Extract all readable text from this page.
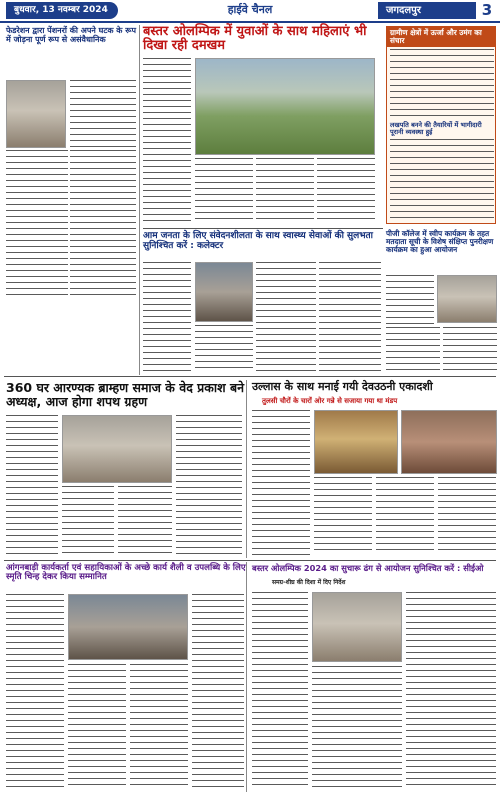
बुधवार, 13 नवम्बर 2024	हाईवे चैनल	जगदलपुर	3
फेडरेशन द्वारा पेंशनरों की अपने घटक के रूप में जोड़ना पूर्ण रूप से असंवैधानिक
बस्तर ओलम्पिक में युवाओं के साथ महिलाएं भी दिखा रही दमखम
ग्रामीण क्षेत्रों में ऊर्जा और उमंग का संचार
लखपति बनने की तैयारियों में भागीदारी पूरानी व्यवस्था हुई
आम जनता के लिए संवेदनशीलता के साथ स्वास्थ्य सेवाओं की सुलभता सुनिश्चित करें : कलेक्टर
पीजी कॉलेज में स्वीप कार्यक्रम के तहत मतदाता सूची के विशेष संक्षिप्त पुनरीक्षण कार्यक्रम का हुआ आयोजन
360 घर आरण्यक ब्राम्हण समाज के वेद प्रकाश बने अध्यक्ष, आज होगा शपथ ग्रहण
उल्लास के साथ मनाई गयी देवउठनी एकादशी
तुलसी चौरों के चारों ओर गन्ने से सजाया गया था मंडप
आंगनबाड़ी कार्यकर्ता एवं सहायिकाओं के अच्छे कार्य शैली व उपलब्धि के लिए स्मृति चिन्ह देकर किया सम्मानित
बस्तर ओलम्पिक 2024 का सुचारू ढंग से आयोजन सुनिश्चित करें : सीईओ
समग्र-शीघ्र की दिशा में दिए निर्देश
